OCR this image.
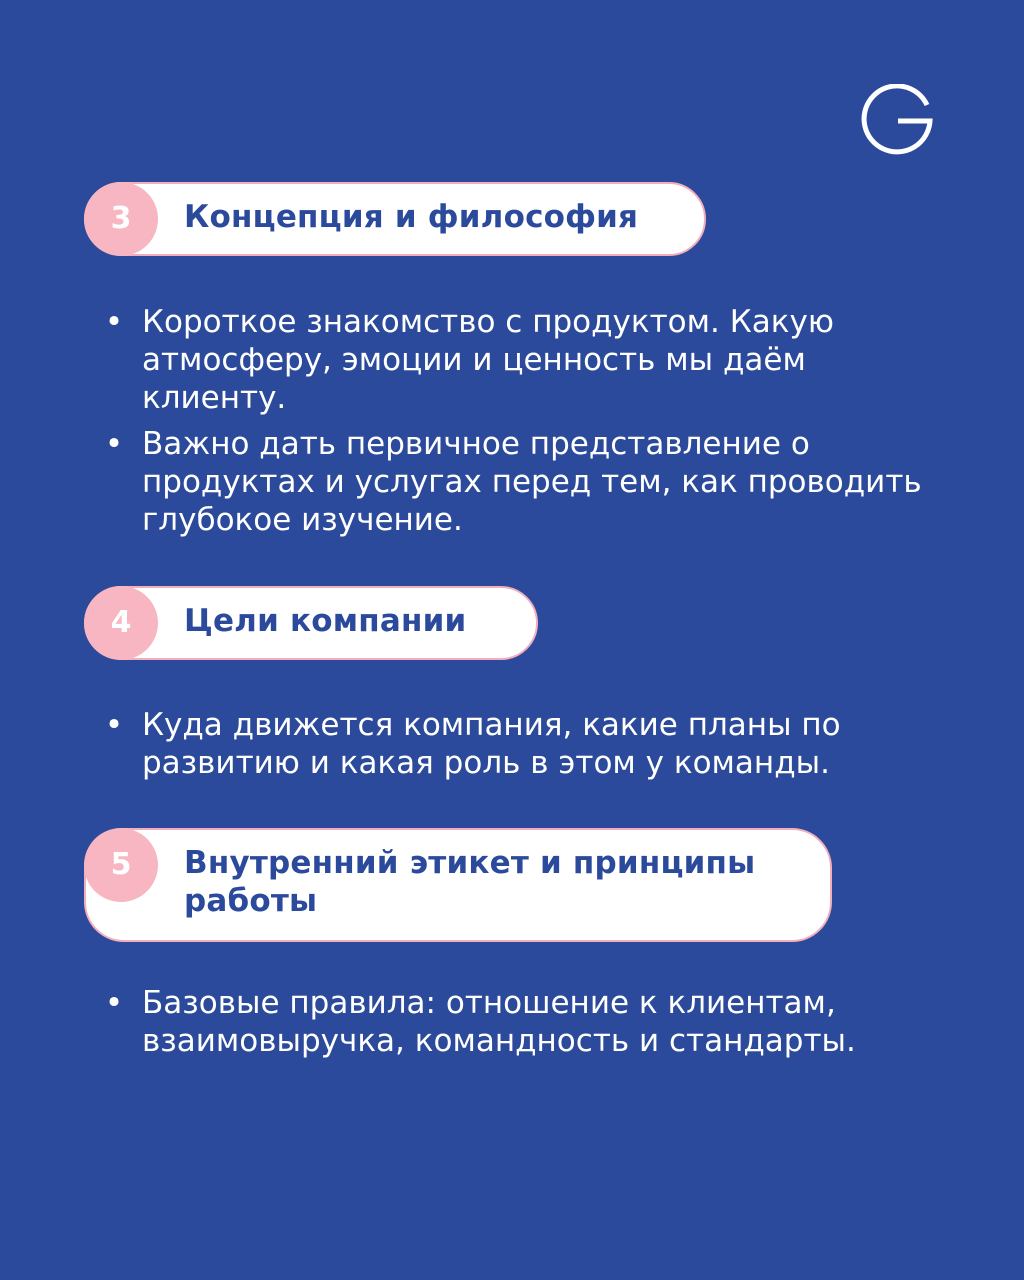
3	Концепция и философия
• Короткое знакомство с продуктом. Какую атмосферу, эмоции и ценность мы даём клиенту.
• Важно дать первичное представление о продуктах и услугах перед тем, как проводить глубокое изучение.
4	Цели компании
• Куда движется компания, какие планы по развитию и какая роль в этом у команды.
5	Внутренний этикет и принципы работы
• Базовые правила: отношение к клиентам, взаимовыручка, командность и стандарты.
